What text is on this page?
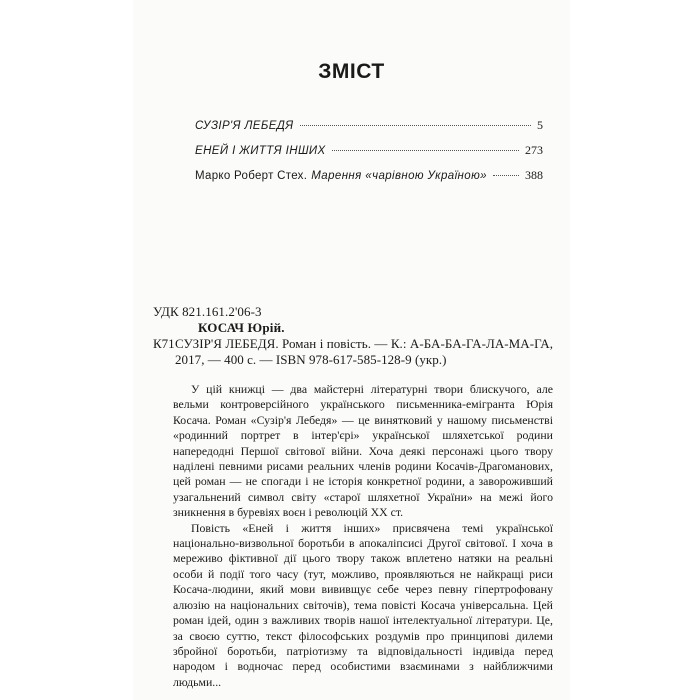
ЗМІСТ
СУЗІР'Я ЛЕБЕДЯ	5
ЕНЕЙ І ЖИТТЯ ІНШИХ	273
Марко Роберт Стех. Марення «чарівною Україною»	388
УДК 821.161.2'06-3
КОСАЧ Юрій.
К71 СУЗІР'Я ЛЕБЕДЯ. Роман і повість. — К.: А-БА-БА-ГА-ЛА-МА-ГА, 2017, — 400 с. — ISBN 978-617-585-128-9 (укр.)

У цій книжці — два майстерні літературні твори блискучого, але вельми контроверсійного українського письменника-емігранта Юрія Косача. Роман «Сузір'я Лебедя» — це винятковий у нашому письменстві «родинний портрет в інтер'єрі» української шляхетської родини напередодні Першої світової війни. Хоча деякі персонажі цього твору наділені певними рисами реальних членів родини Косачів-Драгоманових, цей роман — не спогади і не історія конкретної родини, а завороживший узагальнений символ світу «старої шляхетної України» на межі його зникнення в буревіях воєн і революцій XX ст.

Повість «Еней і життя інших» присвячена темі української національно-визвольної боротьби в апокаліпсисі Другої світової. І хоча в мереживо фіктивної дії цього твору також вплетено натяки на реальні особи й події того часу (тут, можливо, проявляються не найкращі риси Косача-людини, який мови вививщує себе через певну гіпертрофовану алюзію на національних світочів), тема повісті Косача універсальна. Цей роман ідей, один з важливих творів нашої інтелектуальної літератури. Це, за своєю суттю, текст філософських роздумів про принципові дилеми збройної боротьби, патріотизму та відповідальності індивіда перед народом і водночас перед особистими взаєминами з найближчими людьми...
